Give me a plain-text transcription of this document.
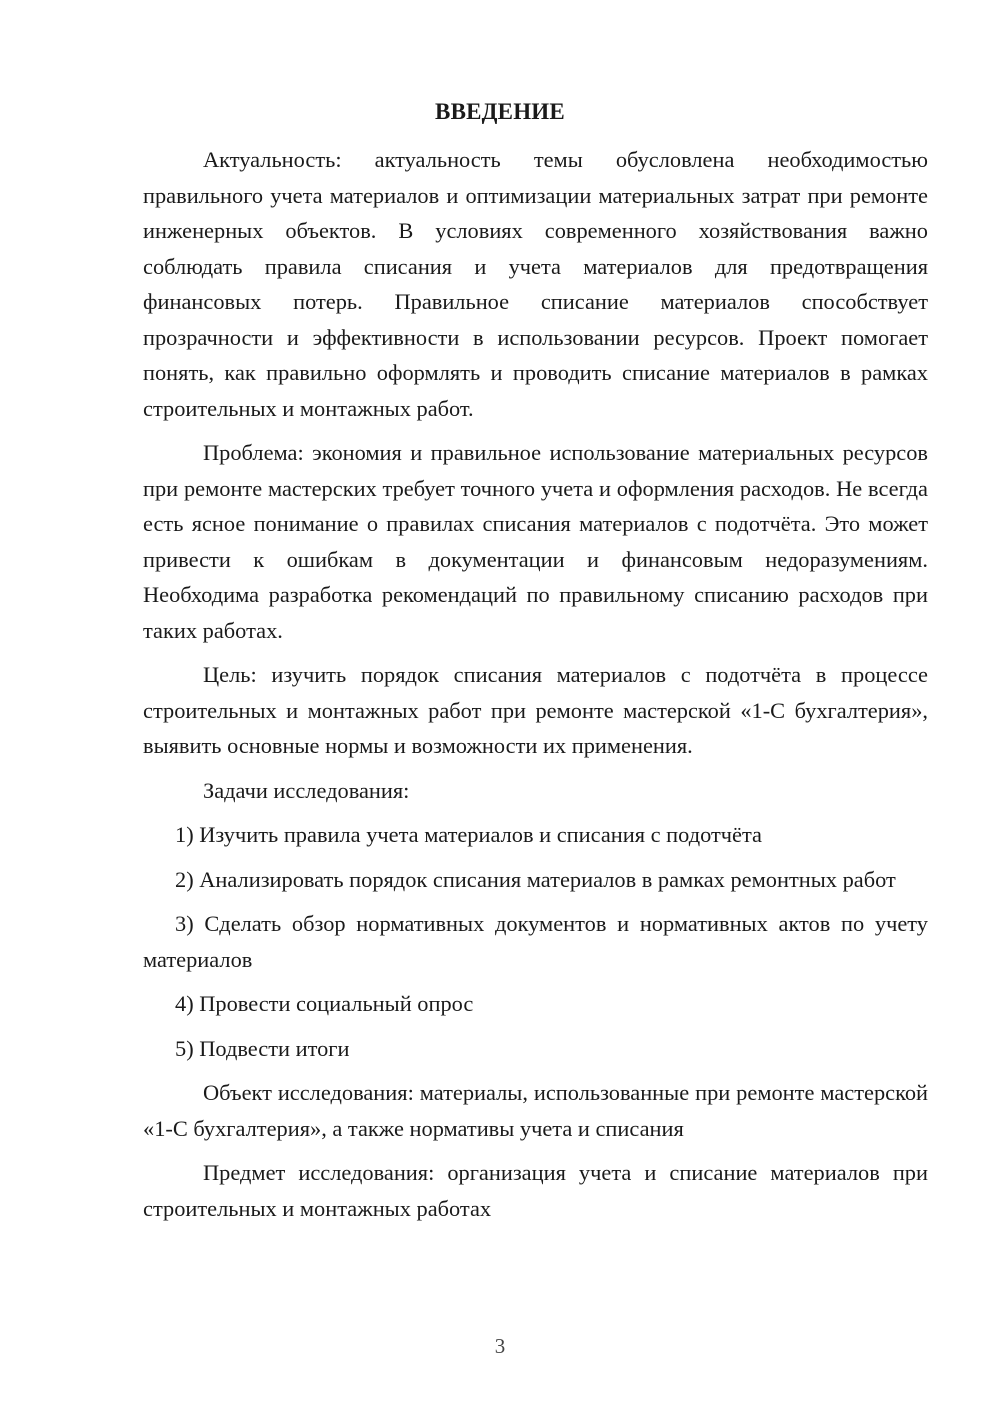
ВВЕДЕНИЕ

Актуальность: актуальность темы обусловлена необходимостью правильного учета материалов и оптимизации материальных затрат при ремонте инженерных объектов. В условиях современного хозяйствования важно соблюдать правила списания и учета материалов для предотвращения финансовых потерь. Правильное списание материалов способствует прозрачности и эффективности в использовании ресурсов. Проект помогает понять, как правильно оформлять и проводить списание материалов в рамках строительных и монтажных работ.

Проблема: экономия и правильное использование материальных ресурсов при ремонте мастерских требует точного учета и оформления расходов. Не всегда есть ясное понимание о правилах списания материалов с подотчёта. Это может привести к ошибкам в документации и финансовым недоразумениям. Необходима разработка рекомендаций по правильному списанию расходов при таких работах.

Цель: изучить порядок списания материалов с подотчёта в процессе строительных и монтажных работ при ремонте мастерской «1-С бухгалтерия», выявить основные нормы и возможности их применения.

Задачи исследования:

1) Изучить правила учета материалов и списания с подотчёта

2) Анализировать порядок списания материалов в рамках ремонтных работ

3) Сделать обзор нормативных документов и нормативных актов по учету материалов

4) Провести социальный опрос

5) Подвести итоги

Объект исследования: материалы, использованные при ремонте мастерской «1-С бухгалтерия», а также нормативы учета и списания

Предмет исследования: организация учета и списание материалов при строительных и монтажных работах

3
